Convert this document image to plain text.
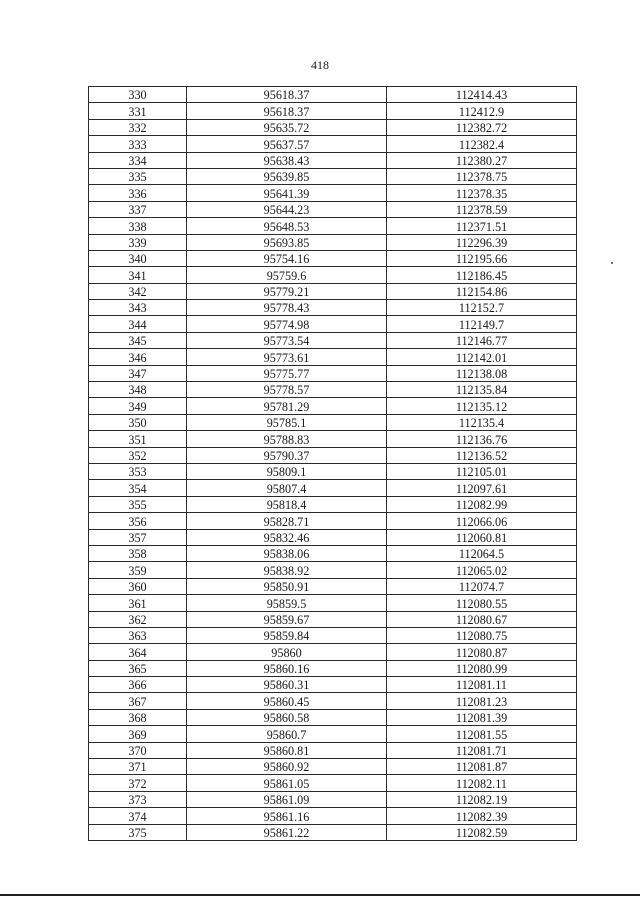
418
330	95618.37	112414.43
331	95618.37	112412.9
332	95635.72	112382.72
333	95637.57	112382.4
334	95638.43	112380.27
335	95639.85	112378.75
336	95641.39	112378.35
337	95644.23	112378.59
338	95648.53	112371.51
339	95693.85	112296.39
340	95754.16	112195.66
341	95759.6	112186.45
342	95779.21	112154.86
343	95778.43	112152.7
344	95774.98	112149.7
345	95773.54	112146.77
346	95773.61	112142.01
347	95775.77	112138.08
348	95778.57	112135.84
349	95781.29	112135.12
350	95785.1	112135.4
351	95788.83	112136.76
352	95790.37	112136.52
353	95809.1	112105.01
354	95807.4	112097.61
355	95818.4	112082.99
356	95828.71	112066.06
357	95832.46	112060.81
358	95838.06	112064.5
359	95838.92	112065.02
360	95850.91	112074.7
361	95859.5	112080.55
362	95859.67	112080.67
363	95859.84	112080.75
364	95860	112080.87
365	95860.16	112080.99
366	95860.31	112081.11
367	95860.45	112081.23
368	95860.58	112081.39
369	95860.7	112081.55
370	95860.81	112081.71
371	95860.92	112081.87
372	95861.05	112082.11
373	95861.09	112082.19
374	95861.16	112082.39
375	95861.22	112082.59
